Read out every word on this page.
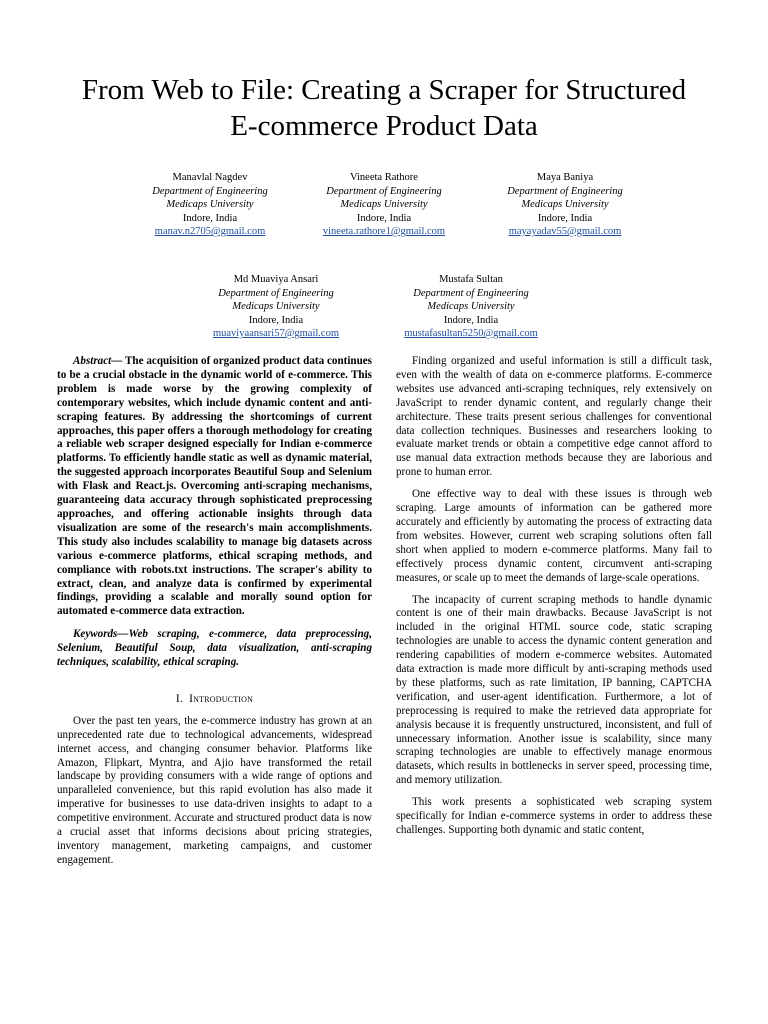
From Web to File: Creating a Scraper for Structured
E-commerce Product Data
Manavlal Nagdev
Department of Engineering
Medicaps University
Indore, India
manav.n2705@gmail.com
Vineeta Rathore
Department of Engineering
Medicaps University
Indore, India
vineeta.rathore1@gmail.com
Maya Baniya
Department of Engineering
Medicaps University
Indore, India
mayayadav55@gmail.com
Md Muaviya Ansari
Department of Engineering
Medicaps University
Indore, India
muaviyaansari57@gmail.com
Mustafa Sultan
Department of Engineering
Medicaps University
Indore, India
mustafasultan5250@gmail.com

Abstract— The acquisition of organized product data continues to be a crucial obstacle in the dynamic world of e-commerce. This problem is made worse by the growing complexity of contemporary websites, which include dynamic content and anti-scraping features. By addressing the shortcomings of current approaches, this paper offers a thorough methodology for creating a reliable web scraper designed especially for Indian e-commerce platforms. To efficiently handle static as well as dynamic material, the suggested approach incorporates Beautiful Soup and Selenium with Flask and React.js. Overcoming anti-scraping mechanisms, guaranteeing data accuracy through sophisticated preprocessing approaches, and offering actionable insights through data visualization are some of the research's main accomplishments. This study also includes scalability to manage big datasets across various e-commerce platforms, ethical scraping methods, and compliance with robots.txt instructions. The scraper's ability to extract, clean, and analyze data is confirmed by experimental findings, providing a scalable and morally sound option for automated e-commerce data extraction.

Keywords—Web scraping, e-commerce, data preprocessing, Selenium, Beautiful Soup, data visualization, anti-scraping techniques, scalability, ethical scraping.

I. Introduction

Over the past ten years, the e-commerce industry has grown at an unprecedented rate due to technological advancements, widespread internet access, and changing consumer behavior. Platforms like Amazon, Flipkart, Myntra, and Ajio have transformed the retail landscape by providing consumers with a wide range of options and unparalleled convenience, but this rapid evolution has also made it imperative for businesses to use data-driven insights to adapt to a competitive environment. Accurate and structured product data is now a crucial asset that informs decisions about pricing strategies, inventory management, marketing campaigns, and customer engagement.

Finding organized and useful information is still a difficult task, even with the wealth of data on e-commerce platforms. E-commerce websites use advanced anti-scraping techniques, rely extensively on JavaScript to render dynamic content, and regularly change their architecture. These traits present serious challenges for conventional data collection techniques. Businesses and researchers looking to evaluate market trends or obtain a competitive edge cannot afford to use manual data extraction methods because they are laborious and prone to human error.

One effective way to deal with these issues is through web scraping. Large amounts of information can be gathered more accurately and efficiently by automating the process of extracting data from websites. However, current web scraping solutions often fall short when applied to modern e-commerce platforms. Many fail to effectively process dynamic content, circumvent anti-scraping measures, or scale up to meet the demands of large-scale operations.

The incapacity of current scraping methods to handle dynamic content is one of their main drawbacks. Because JavaScript is not included in the original HTML source code, static scraping technologies are unable to access the dynamic content generation and rendering capabilities of modern e-commerce websites. Automated data extraction is made more difficult by anti-scraping methods used by these platforms, such as rate limitation, IP banning, CAPTCHA verification, and user-agent identification. Furthermore, a lot of preprocessing is required to make the retrieved data appropriate for analysis because it is frequently unstructured, inconsistent, and full of unnecessary information. Another issue is scalability, since many scraping technologies are unable to effectively manage enormous datasets, which results in bottlenecks in server speed, processing time, and memory utilization.

This work presents a sophisticated web scraping system specifically for Indian e-commerce systems in order to address these challenges. Supporting both dynamic and static content,
